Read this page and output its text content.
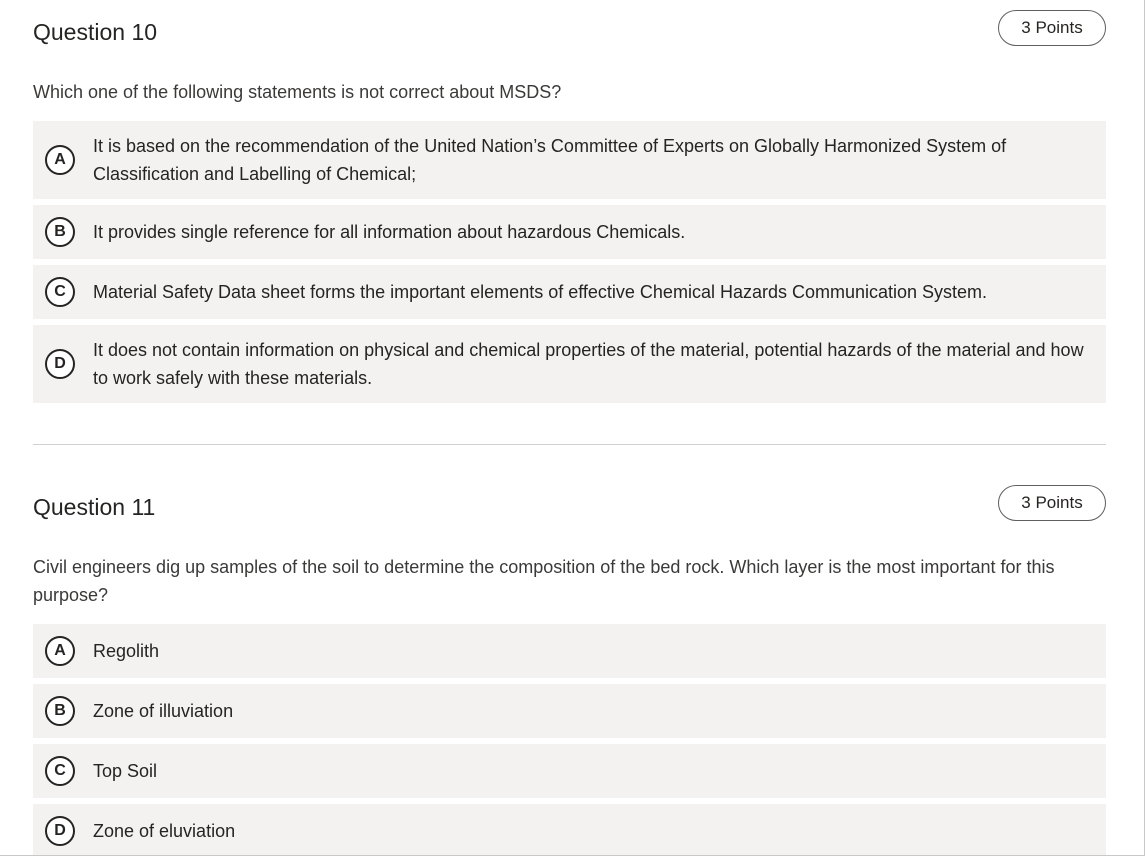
Question 10	3 Points

Which one of the following statements is not correct about MSDS?

A
It is based on the recommendation of the United Nation’s Committee of Experts on Globally Harmonized System of Classification and Labelling of Chemical;
B	It provides single reference for all information about hazardous Chemicals.
C	Material Safety Data sheet forms the important elements of effective Chemical Hazards Communication System.
D
It does not contain information on physical and chemical properties of the material, potential hazards of the material and how to work safely with these materials.
Question 11	3 Points

Civil engineers dig up samples of the soil to determine the composition of the bed rock. Which layer is the most important for this purpose?

A	Regolith
B	Zone of illuviation
C	Top Soil
D	Zone of eluviation
